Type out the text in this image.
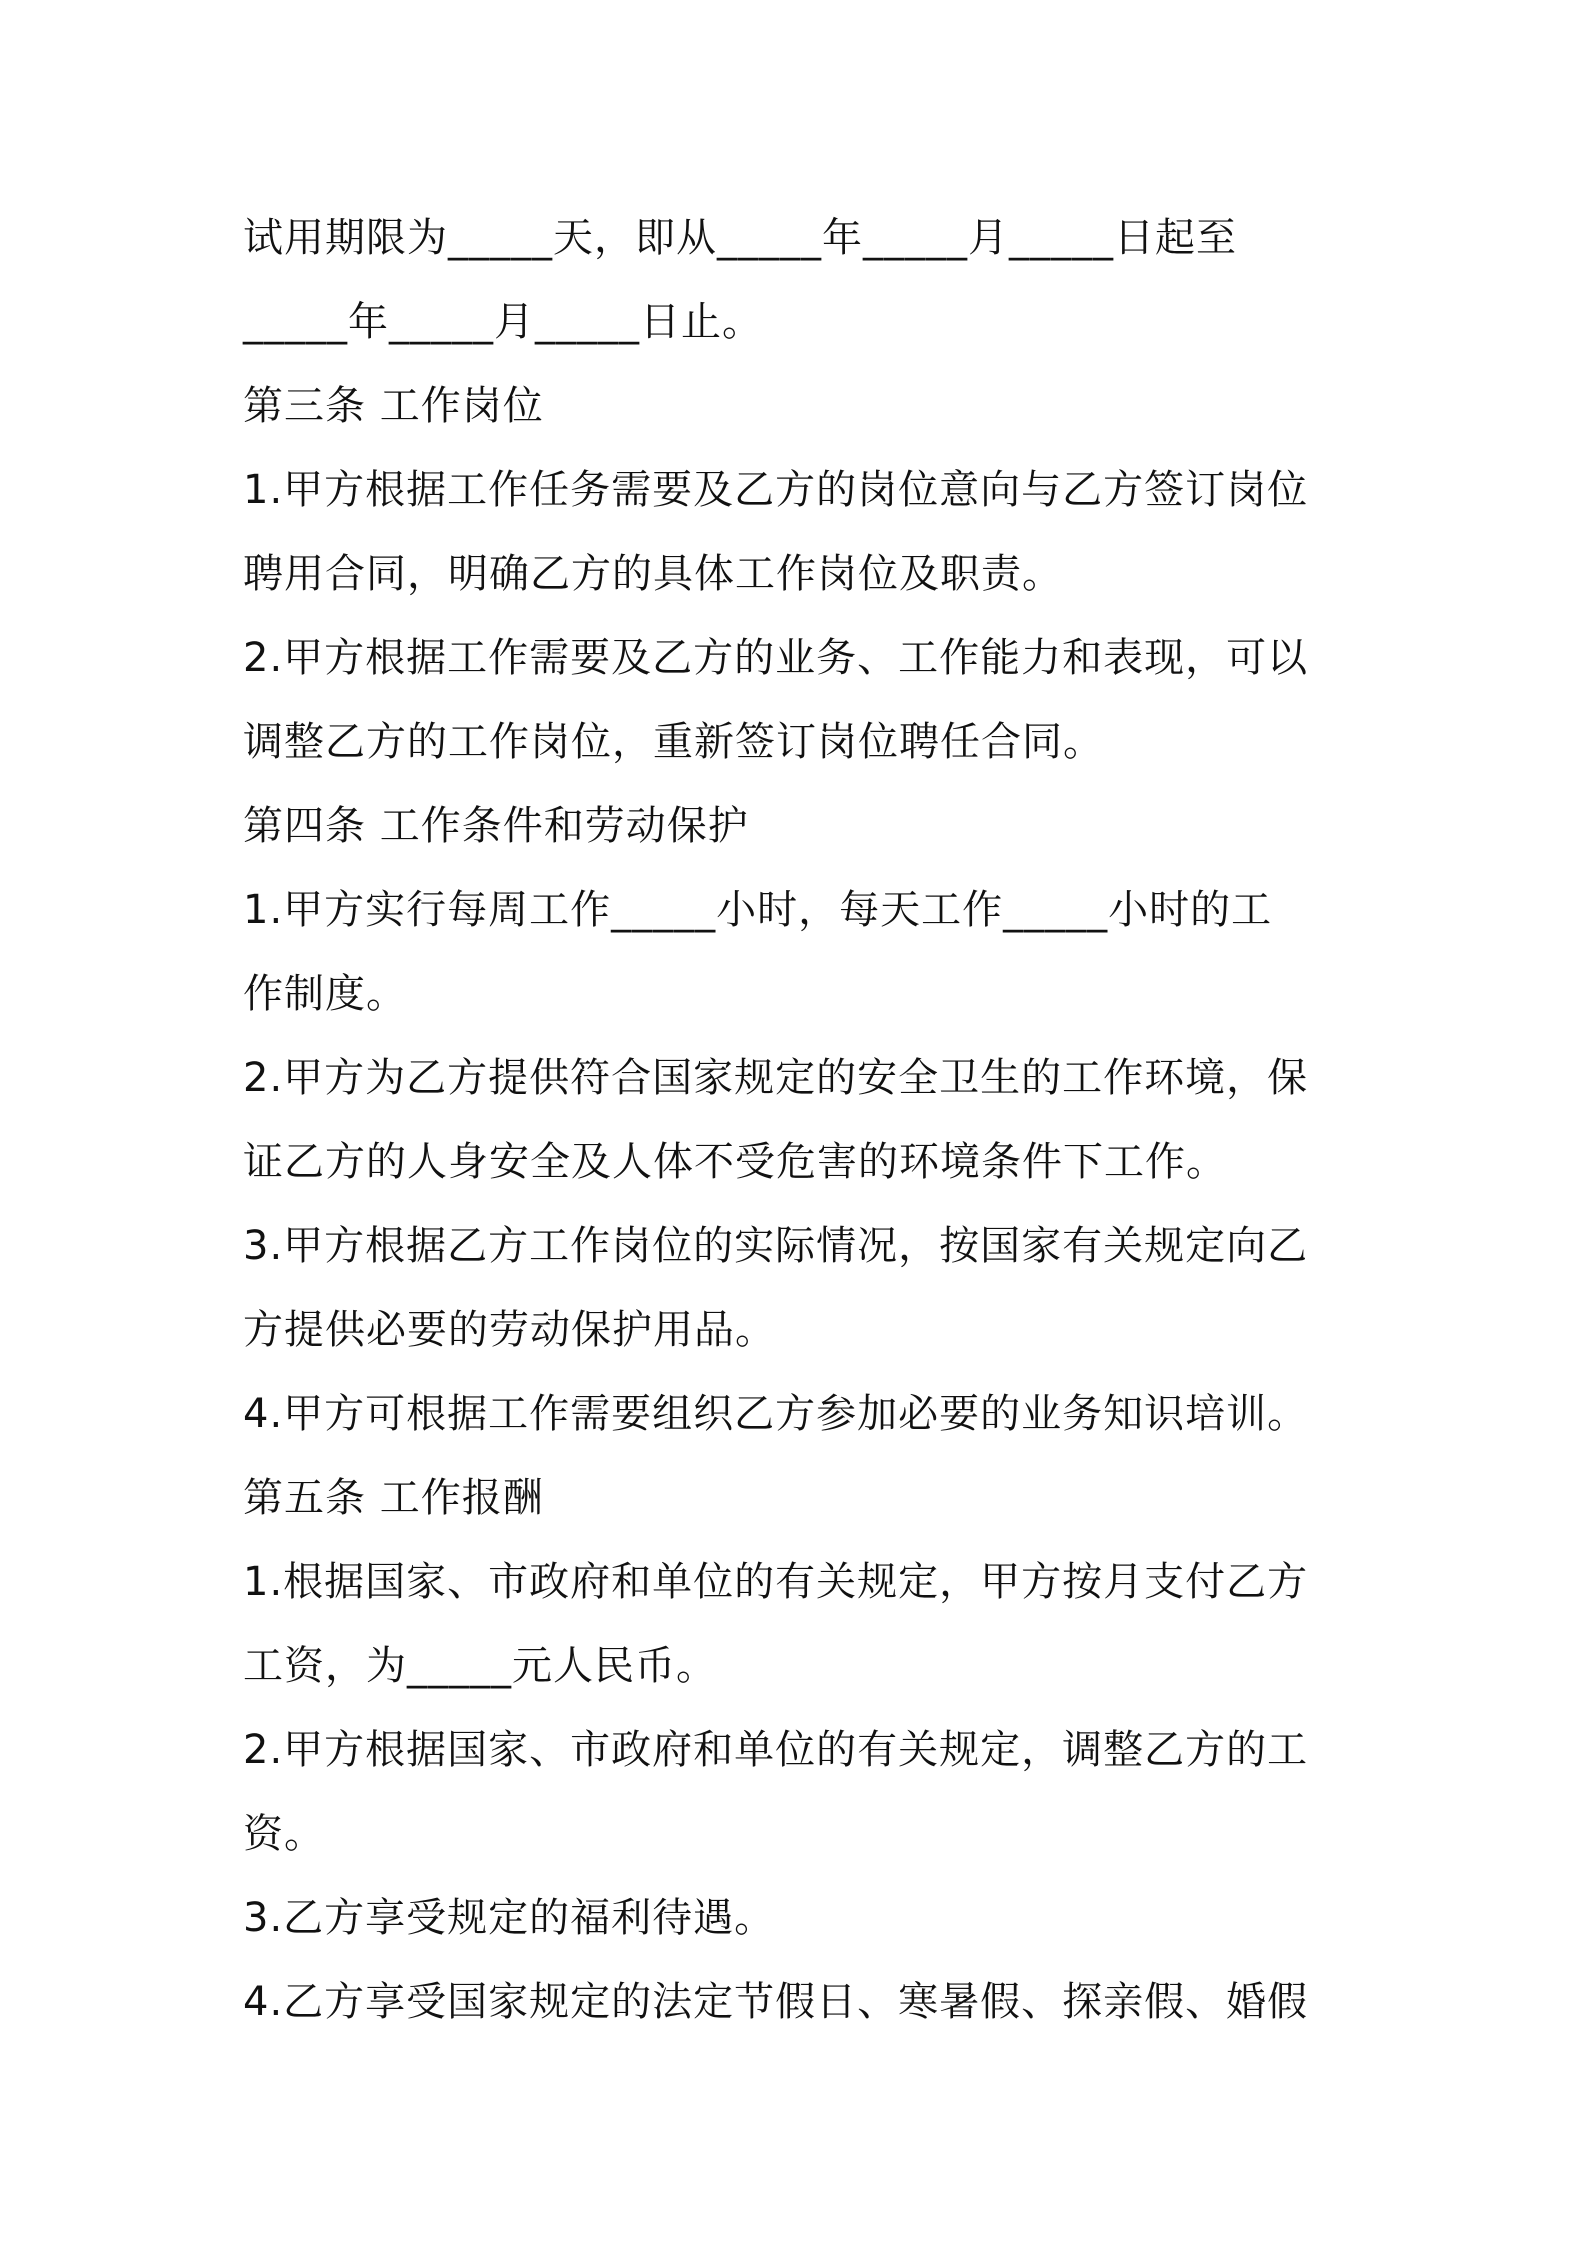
试用期限为_____天，即从_____年_____月_____日起至
_____年_____月_____日止。
第三条 工作岗位
1.甲方根据工作任务需要及乙方的岗位意向与乙方签订岗位
聘用合同，明确乙方的具体工作岗位及职责。
2.甲方根据工作需要及乙方的业务、工作能力和表现，可以
调整乙方的工作岗位，重新签订岗位聘任合同。
第四条 工作条件和劳动保护
1.甲方实行每周工作_____小时，每天工作_____小时的工
作制度。
2.甲方为乙方提供符合国家规定的安全卫生的工作环境，保
证乙方的人身安全及人体不受危害的环境条件下工作。
3.甲方根据乙方工作岗位的实际情况，按国家有关规定向乙
方提供必要的劳动保护用品。
4.甲方可根据工作需要组织乙方参加必要的业务知识培训。
第五条 工作报酬
1.根据国家、市政府和单位的有关规定，甲方按月支付乙方
工资，为_____元人民币。
2.甲方根据国家、市政府和单位的有关规定，调整乙方的工
资。
3.乙方享受规定的福利待遇。
4.乙方享受国家规定的法定节假日、寒暑假、探亲假、婚假
